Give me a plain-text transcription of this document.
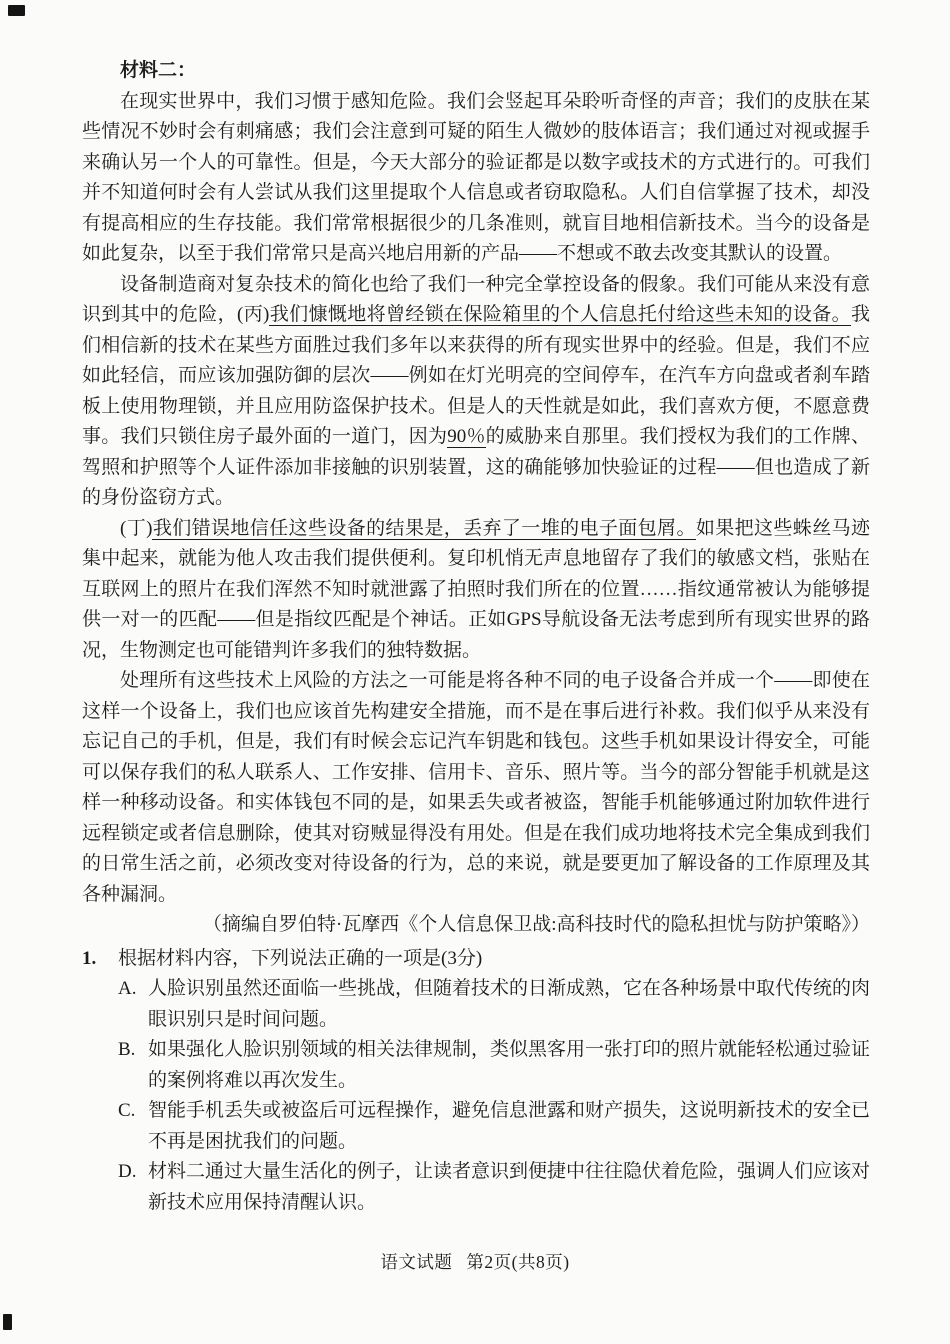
材料二：

在现实世界中，我们习惯于感知危险。我们会竖起耳朵聆听奇怪的声音；我们的皮肤在某些情况不妙时会有刺痛感；我们会注意到可疑的陌生人微妙的肢体语言；我们通过对视或握手来确认另一个人的可靠性。但是，今天大部分的验证都是以数字或技术的方式进行的。可我们并不知道何时会有人尝试从我们这里提取个人信息或者窃取隐私。人们自信掌握了技术，却没有提高相应的生存技能。我们常常根据很少的几条准则，就盲目地相信新技术。当今的设备是如此复杂，以至于我们常常只是高兴地启用新的产品——不想或不敢去改变其默认的设置。

设备制造商对复杂技术的简化也给了我们一种完全掌控设备的假象。我们可能从来没有意识到其中的危险，(丙)我们慷慨地将曾经锁在保险箱里的个人信息托付给这些未知的设备。我们相信新的技术在某些方面胜过我们多年以来获得的所有现实世界中的经验。但是，我们不应如此轻信，而应该加强防御的层次——例如在灯光明亮的空间停车，在汽车方向盘或者刹车踏板上使用物理锁，并且应用防盗保护技术。但是人的天性就是如此，我们喜欢方便，不愿意费事。我们只锁住房子最外面的一道门，因为90％的威胁来自那里。我们授权为我们的工作牌、驾照和护照等个人证件添加非接触的识别装置，这的确能够加快验证的过程——但也造成了新的身份盗窃方式。

(丁)我们错误地信任这些设备的结果是，丢弃了一堆的电子面包屑。如果把这些蛛丝马迹集中起来，就能为他人攻击我们提供便利。复印机悄无声息地留存了我们的敏感文档，张贴在互联网上的照片在我们浑然不知时就泄露了拍照时我们所在的位置……指纹通常被认为能够提供一对一的匹配——但是指纹匹配是个神话。正如GPS导航设备无法考虑到所有现实世界的路况，生物测定也可能错判许多我们的独特数据。

处理所有这些技术上风险的方法之一可能是将各种不同的电子设备合并成一个——即使在这样一个设备上，我们也应该首先构建安全措施，而不是在事后进行补救。我们似乎从来没有忘记自己的手机，但是，我们有时候会忘记汽车钥匙和钱包。这些手机如果设计得安全，可能可以保存我们的私人联系人、工作安排、信用卡、音乐、照片等。当今的部分智能手机就是这样一种移动设备。和实体钱包不同的是，如果丢失或者被盗，智能手机能够通过附加软件进行远程锁定或者信息删除，使其对窃贼显得没有用处。但是在我们成功地将技术完全集成到我们的日常生活之前，必须改变对待设备的行为，总的来说，就是要更加了解设备的工作原理及其各种漏洞。

（摘编自罗伯特·瓦摩西《个人信息保卫战:高科技时代的隐私担忧与防护策略》）

1.	根据材料内容，下列说法正确的一项是(3分)
A. 人脸识别虽然还面临一些挑战，但随着技术的日渐成熟，它在各种场景中取代传统的肉眼识别只是时间问题。
B. 如果强化人脸识别领域的相关法律规制，类似黑客用一张打印的照片就能轻松通过验证的案例将难以再次发生。
C. 智能手机丢失或被盗后可远程操作，避免信息泄露和财产损失，这说明新技术的安全已不再是困扰我们的问题。
D. 材料二通过大量生活化的例子，让读者意识到便捷中往往隐伏着危险，强调人们应该对新技术应用保持清醒认识。
语文试题 第2页(共8页)
